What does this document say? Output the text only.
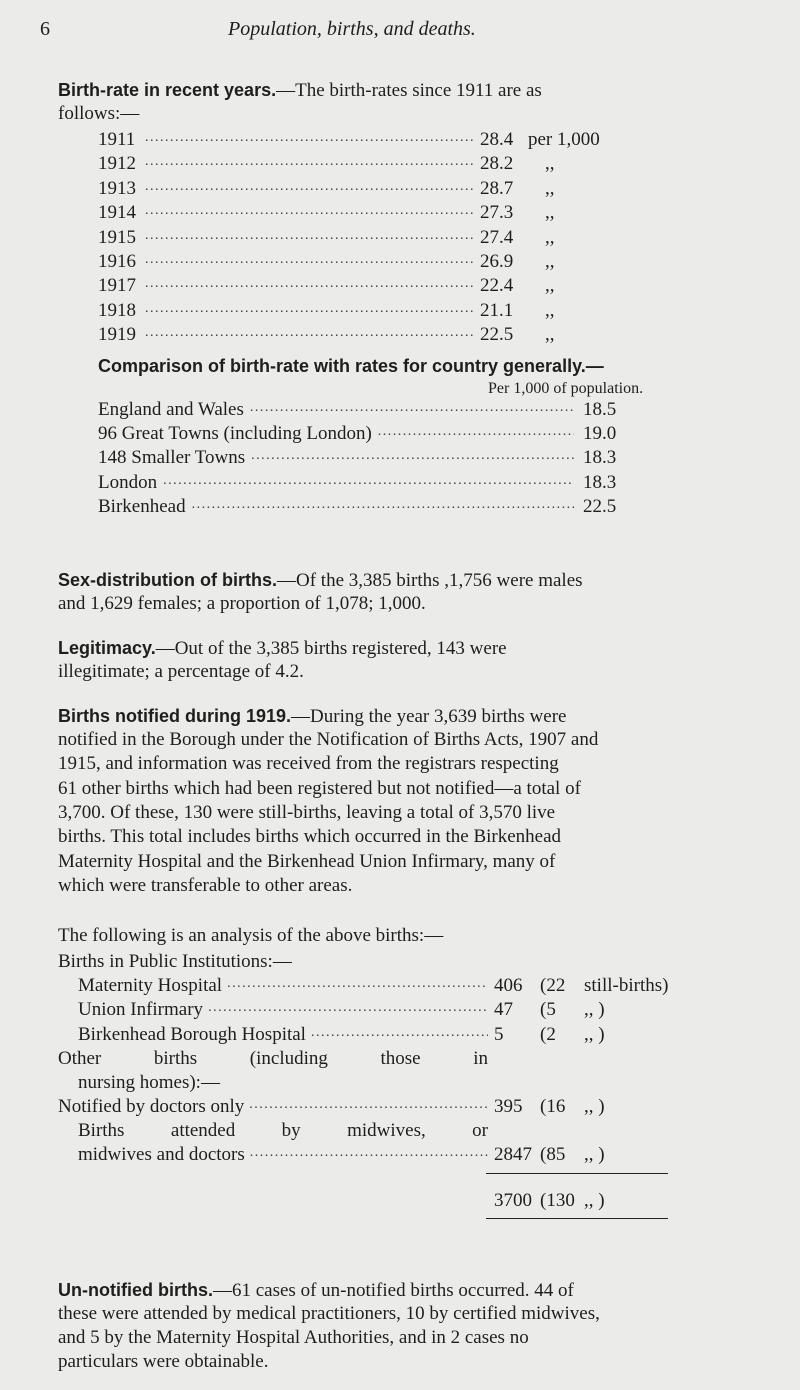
6	Population, births, and deaths.
Birth-rate in recent years.—The birth-rates since 1911 are as
follows:—
1911 .....	28.4 per 1,000
1912 .....	28.2 ,,
1913 .....	28.7 ,,
1914 .....	27.3 ,,
1915 .....	27.4 ,,
1916 .....	26.9 ,,
1917 .....	22.4 ,,
1918 .....	21.1 ,,
1919 .....	22.5 ,,
Comparison of birth-rate with rates for country generally.—
Per 1,000 of population.
England and Wales .....	18.5
96 Great Towns (including London) .....	19.0
148 Smaller Towns .....	18.3
London .....	18.3
Birkenhead .....	22.5
Sex-distribution of births.—Of the 3,385 births ,1,756 were males
and 1,629 females; a proportion of 1,078; 1,000.
Legitimacy.—Out of the 3,385 births registered, 143 were
illegitimate; a percentage of 4.2.
Births notified during 1919.—During the year 3,639 births were
notified in the Borough under the Notification of Births Acts, 1907 and
1915, and information was received from the registrars respecting
61 other births which had been registered but not notified—a total of
3,700. Of these, 130 were still-births, leaving a total of 3,570 live
births. This total includes births which occurred in the Birkenhead
Maternity Hospital and the Birkenhead Union Infirmary, many of
which were transferable to other areas.
The following is an analysis of the above births:—
Births in Public Institutions:—
Maternity Hospital .....	406 (22 still-births)
Union Infirmary .....	47 (5 ,, )
Birkenhead Borough Hospital .....	5 (2 ,, )
Other births (including those in
nursing homes):—
Notified by doctors only .....	395 (16 ,, )
Births attended by midwives, or
midwives and doctors .....	2847 (85 ,, )
3700 (130 ,, )
Un-notified births.—61 cases of un-notified births occurred. 44 of
these were attended by medical practitioners, 10 by certified midwives,
and 5 by the Maternity Hospital Authorities, and in 2 cases no
particulars were obtainable.
